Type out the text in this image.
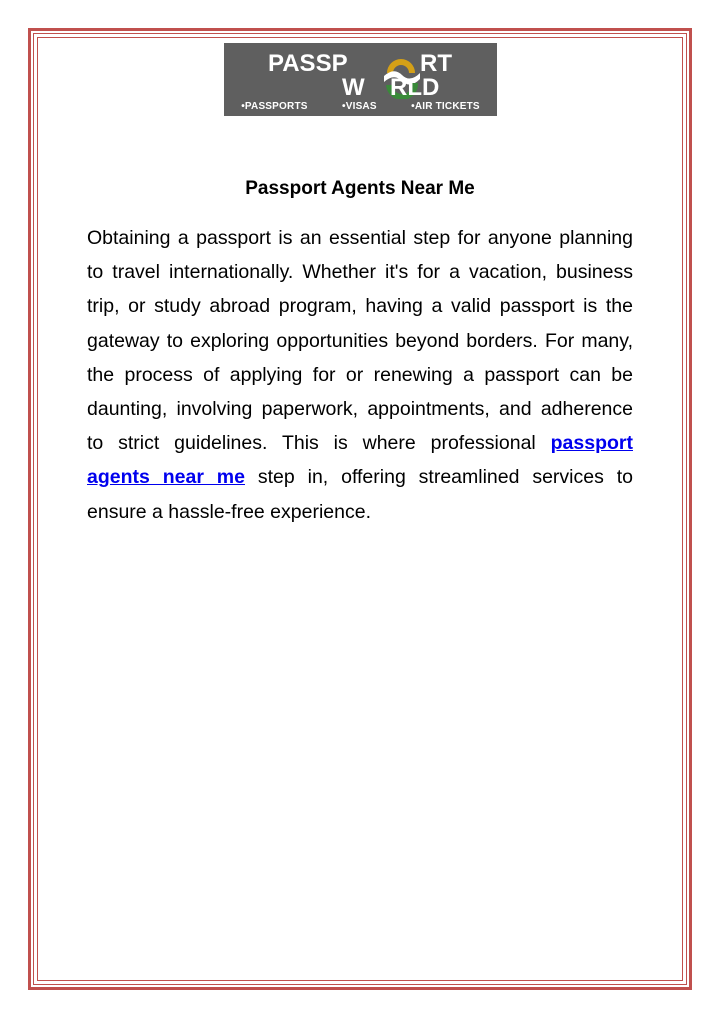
PASSP	RT
W RLD
• PASSPORTS	• VISAS	• AIR TICKETS
Passport Agents Near Me

Obtaining a passport is an essential step for anyone planning to travel internationally. Whether it's for a vacation, business trip, or study abroad program, having a valid passport is the gateway to exploring opportunities beyond borders. For many, the process of applying for or renewing a passport can be daunting, involving paperwork, appointments, and adherence to strict guidelines. This is where professional passport agents near me step in, offering streamlined services to ensure a hassle-free experience.
